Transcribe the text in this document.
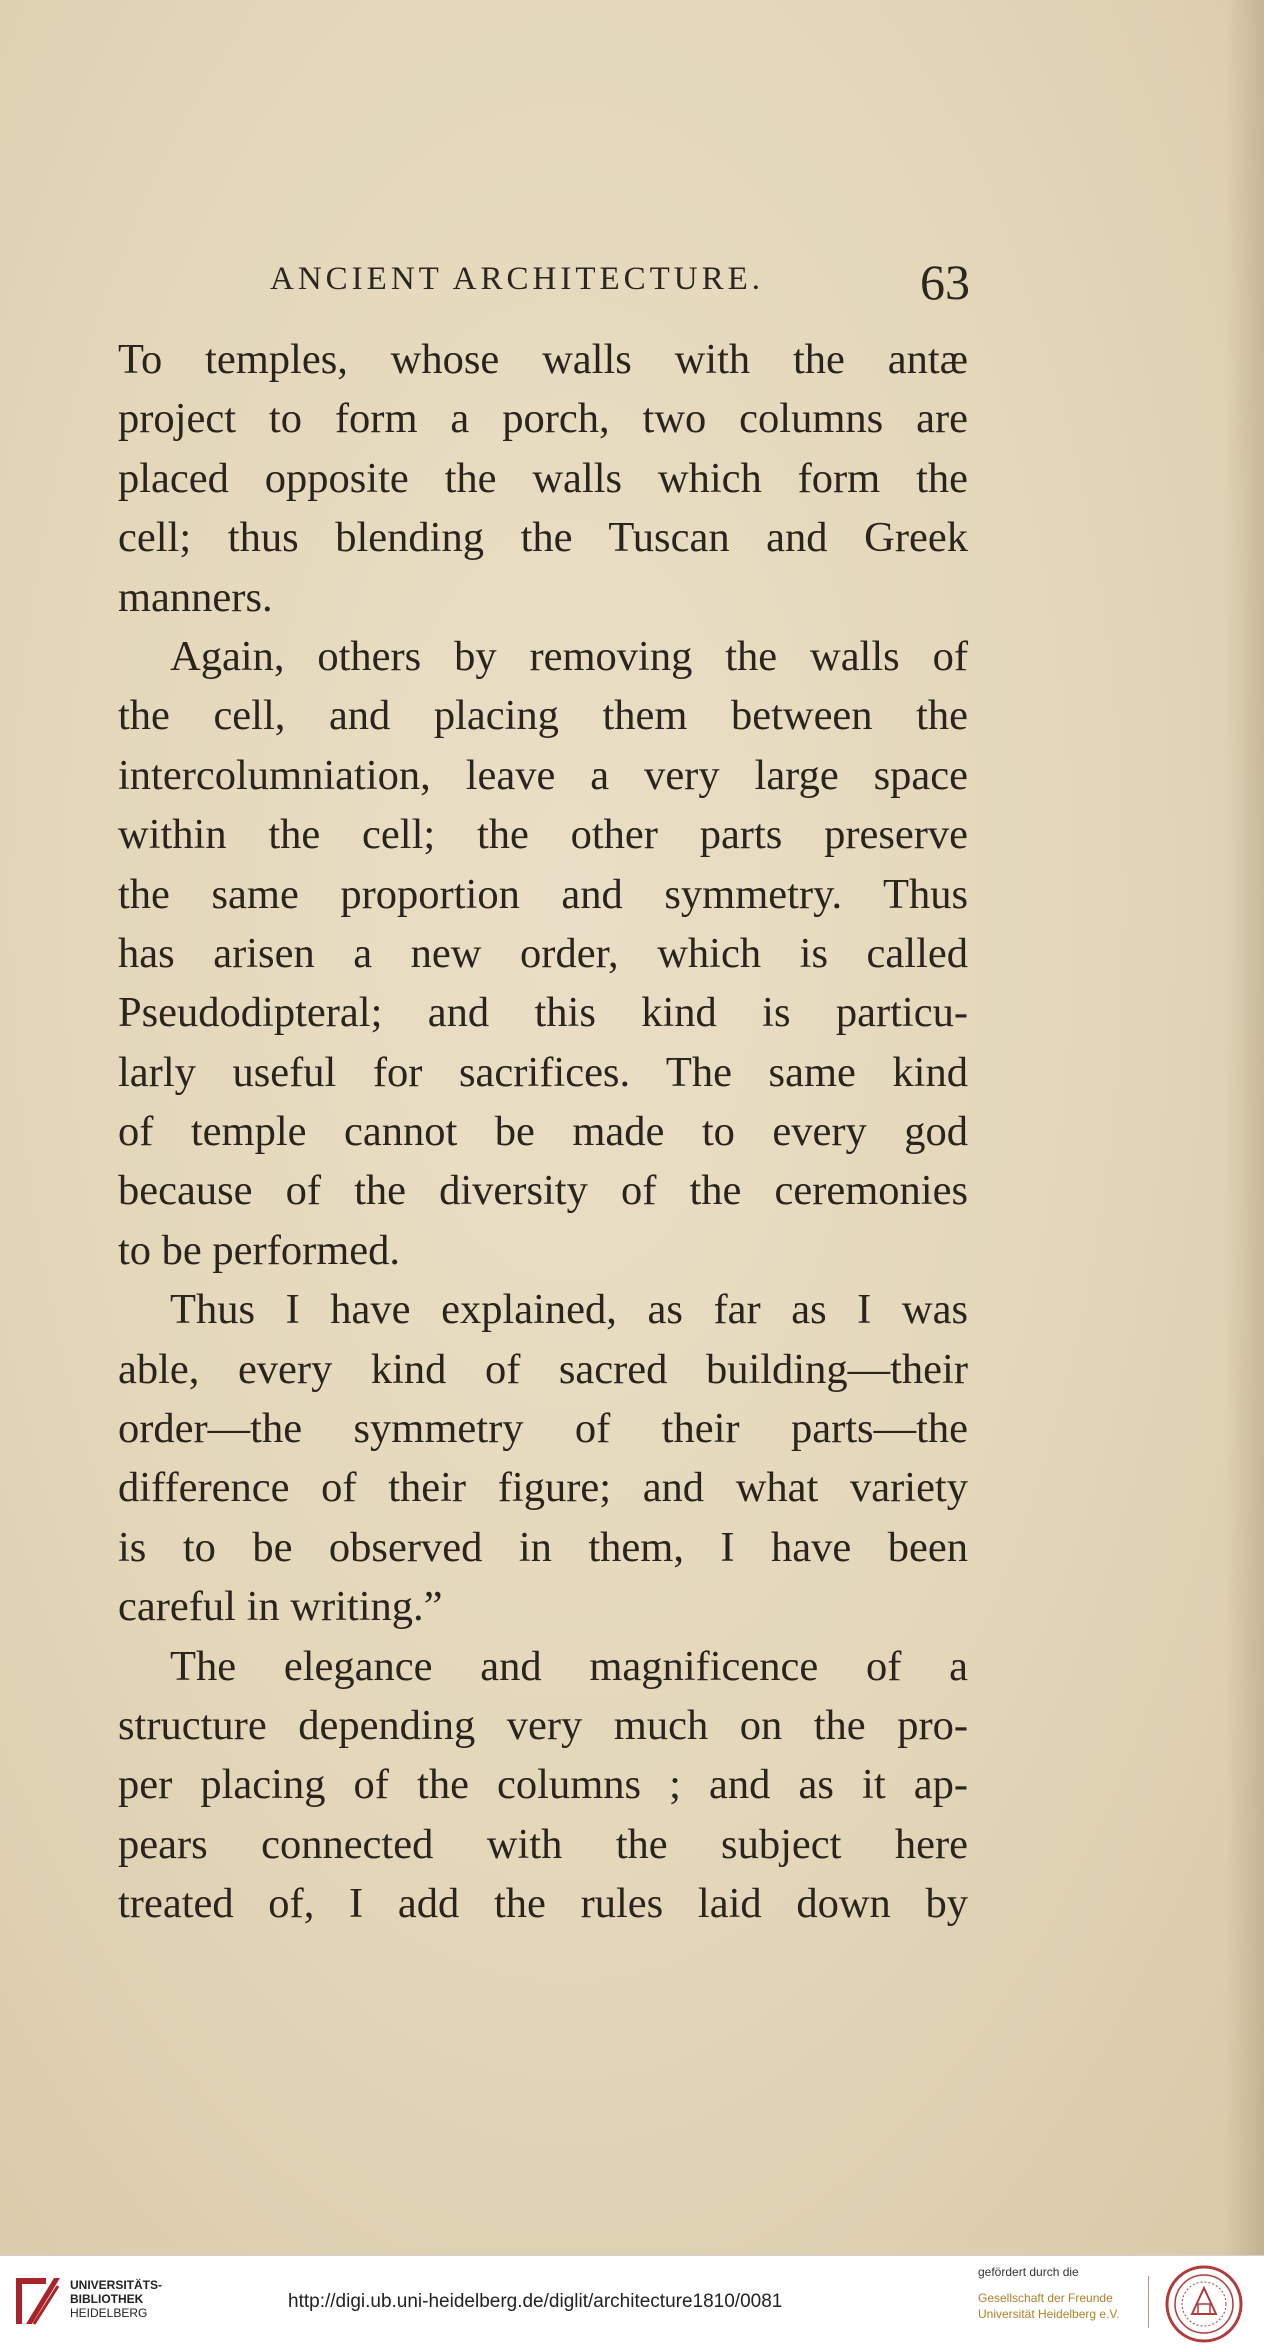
ANCIENT ARCHITECTURE.	63
To temples, whose walls with the antæ
project to form a porch, two columns are
placed opposite the walls which form the
cell; thus blending the Tuscan and Greek
manners.
Again, others by removing the walls of
the cell, and placing them between the
intercolumniation, leave a very large space
within the cell; the other parts preserve
the same proportion and symmetry. Thus
has arisen a new order, which is called
Pseudodipteral; and this kind is particu-
larly useful for sacrifices. The same kind
of temple cannot be made to every god
because of the diversity of the ceremonies
to be performed.
Thus I have explained, as far as I was
able, every kind of sacred building—their
order—the symmetry of their parts—the
difference of their figure; and what variety
is to be observed in them, I have been
careful in writing.”
The elegance and magnificence of a
structure depending very much on the pro-
per placing of the columns ; and as it ap-
pears connected with the subject here
treated of, I add the rules laid down by
UNIVERSITÄTS-
BIBLIOTHEK
HEIDELBERG
http://digi.ub.uni-heidelberg.de/diglit/architecture1810/0081
gefördert durch die
Gesellschaft der Freunde
Universität Heidelberg e.V.
